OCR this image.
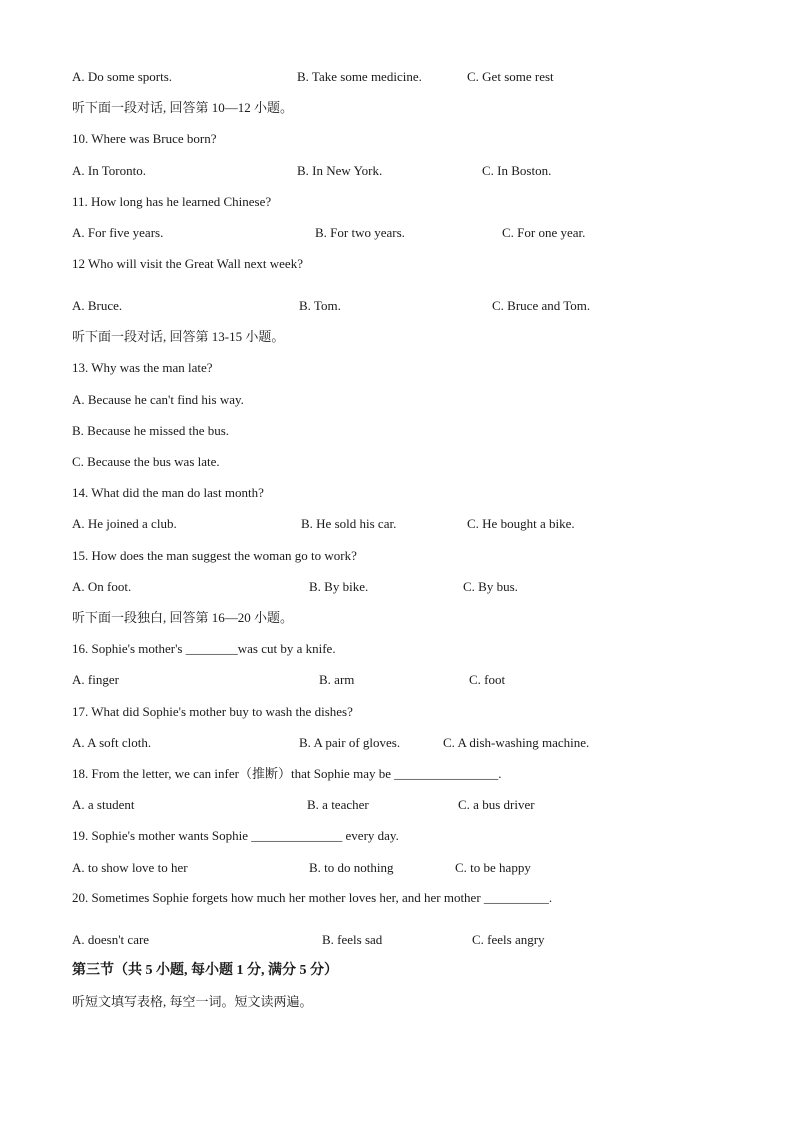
A. Do some sports.	B. Take some medicine.	C. Get some rest
听下面一段对话, 回答第 10—12 小题。
10. Where was Bruce born?
A. In Toronto.	B. In New York.	C. In Boston.
11. How long has he learned Chinese?
A. For five years.	B. For two years.	C. For one year.
12 Who will visit the Great Wall next week?
A. Bruce.	B. Tom.	C. Bruce and Tom.
听下面一段对话, 回答第 13-15 小题。
13. Why was the man late?
A. Because he can't find his way.
B. Because he missed the bus.
C. Because the bus was late.
14. What did the man do last month?
A. He joined a club.	B. He sold his car.	C. He bought a bike.
15. How does the man suggest the woman go to work?
A. On foot.	B. By bike.	C. By bus.
听下面一段独白, 回答第 16—20 小题。
16. Sophie's mother's ________was cut by a knife.
A. finger	B. arm	C. foot
17. What did Sophie's mother buy to wash the dishes?
A. A soft cloth.	B. A pair of gloves.	C. A dish-washing machine.
18. From the letter, we can infer（推断）that Sophie may be ________________.
A. a student	B. a teacher	C. a bus driver
19. Sophie's mother wants Sophie ______________ every day.
A. to show love to her	B. to do nothing	C. to be happy
20. Sometimes Sophie forgets how much her mother loves her, and her mother __________.
A. doesn't care	B. feels sad	C. feels angry
第三节（共 5 小题, 每小题 1 分, 满分 5 分）
听短文填写表格, 每空一词。短文读两遍。
